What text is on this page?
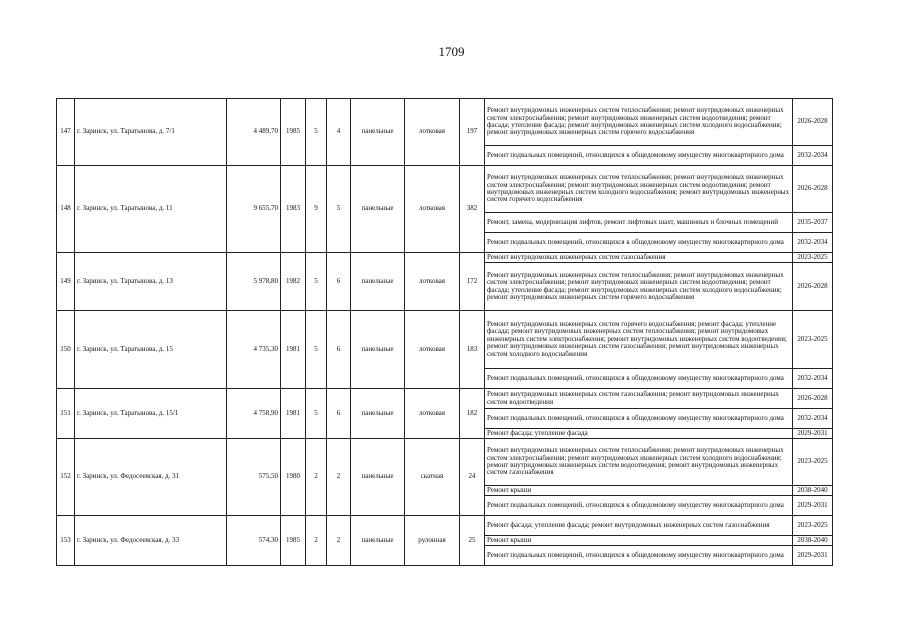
1709
147	г. Заринск, ул. Таратынова, д. 7/1	4 489,70	1985	5	4	панельные	лотковая	197	Ремонт внутридомовых инженерных систем теплоснабжения; ремонт внутридомовых инженерных систем электроснабжения; ремонт внутридомовых инженерных систем водоотведения; ремонт фасада; утепление фасада; ремонт внутридомовых инженерных систем холодного водоснабжения; ремонт внутридомовых инженерных систем горячего водоснабжения	2026-2028
									Ремонт подвальных помещений, относящихся к общедомовому имуществу многоквартирного дома	2032-2034
148	г. Заринск, ул. Таратынова, д. 11	9 655,70	1983	9	5	панельные	лотковая	382	Ремонт внутридомовых инженерных систем теплоснабжения; ремонт внутридомовых инженерных систем электроснабжения; ремонт внутридомовых инженерных систем водоотведения; ремонт внутридомовых инженерных систем холодного водоснабжения; ремонт внутридомовых инженерных систем горячего водоснабжения	2026-2028
									Ремонт, замена, модернизация лифтов, ремонт лифтовых шахт, машинных и блочных помещений	2035-2037
									Ремонт подвальных помещений, относящихся к общедомовому имуществу многоквартирного дома	2032-2034
149	г. Заринск, ул. Таратынова, д. 13	5 978,80	1982	5	6	панельные	лотковая	172	Ремонт внутридомовых инженерных систем газоснабжения	2023-2025
									Ремонт внутридомовых инженерных систем теплоснабжения; ремонт внутридомовых инженерных систем электроснабжения; ремонт внутридомовых инженерных систем водоотведения; ремонт фасада; утепление фасада; ремонт внутридомовых инженерных систем холодного водоснабжения; ремонт внутридомовых инженерных систем горячего водоснабжения	2026-2028
150	г. Заринск, ул. Таратынова, д. 15	4 735,30	1981	5	6	панельные	лотковая	183	Ремонт внутридомовых инженерных систем горячего водоснабжения; ремонт фасада; утепление фасада; ремонт внутридомовых инженерных систем теплоснабжения; ремонт внутридомовых инженерных систем электроснабжения; ремонт внутридомовых инженерных систем водоотведения; ремонт внутридомовых инженерных систем газоснабжения; ремонт внутридомовых инженерных систем холодного водоснабжения	2023-2025
									Ремонт подвальных помещений, относящихся к общедомовому имуществу многоквартирного дома	2032-2034
151	г. Заринск, ул. Таратынова, д. 15/1	4 758,90	1981	5	6	панельные	лотковая	182	Ремонт внутридомовых инженерных систем газоснабжения; ремонт внутридомовых инженерных систем водоотведения	2026-2028
									Ремонт подвальных помещений, относящихся к общедомовому имуществу многоквартирного дома	2032-2034
									Ремонт фасада; утепление фасада	2029-2031
152	г. Заринск, ул. Федосеевская, д. 31	575,50	1980	2	2	панельные	скатная	24	Ремонт внутридомовых инженерных систем теплоснабжения; ремонт внутридомовых инженерных систем электроснабжения; ремонт внутридомовых инженерных систем холодного водоснабжения; ремонт внутридомовых инженерных систем водоотведения; ремонт внутридомовых инженерных систем газоснабжения	2023-2025
									Ремонт крыши	2038-2040
									Ремонт подвальных помещений, относящихся к общедомовому имуществу многоквартирного дома	2029-2031
153	г. Заринск, ул. Федосеевская, д. 33	574,30	1985	2	2	панельные	рулонная	25	Ремонт фасада; утепление фасада; ремонт внутридомовых инженерных систем газоснабжения	2023-2025
									Ремонт крыши	2038-2040
									Ремонт подвальных помещений, относящихся к общедомовому имуществу многоквартирного дома	2029-2031
